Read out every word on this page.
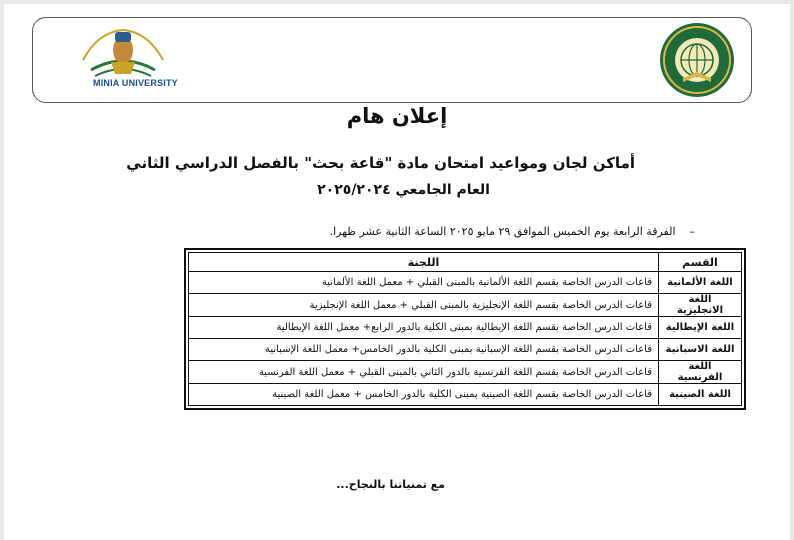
MINIA UNIVERSITY
إعلان هام
أماكن لجان ومواعيد امتحان مادة "قاعة بحث" بالفصل الدراسي الثاني
العام الجامعي ٢٠٢٥/٢٠٢٤
–الفرقة الرابعة يوم الخميس الموافق ٢٩ مايو ٢٠٢٥ الساعة الثانية عشر ظهرا.
القسم	اللجنة
اللغة الألمانية	قاعات الدرس الخاصة بقسم اللغة الألمانية بالمبنى القبلي + معمل اللغة الألمانية
اللغة الانجليزية	قاعات الدرس الخاصة بقسم اللغة الإنجليزية بالمبنى القبلي + معمل اللغة الإنجليزية
اللغة الإيطالية	قاعات الدرس الخاصة بقسم اللغة الإيطالية بمبنى الكلية بالدور الرابع+ معمل اللغة الإيطالية
اللغة الاسبانية	قاعات الدرس الخاصة بقسم اللغة الإسبانية بمبنى الكلية بالدور الخامس+ معمل اللغة الإسبانية
اللغة الفرنسية	قاعات الدرس الخاصة بقسم اللغة الفرنسية بالدور الثاني بالمبنى القبلي + معمل اللغة الفرنسية
اللغة الصينية	قاعات الدرس الخاصة بقسم اللغة الصينية بمبنى الكلية بالدور الخامس + معمل اللغة الصينية
مع تمنياتنا بالنجاح...
